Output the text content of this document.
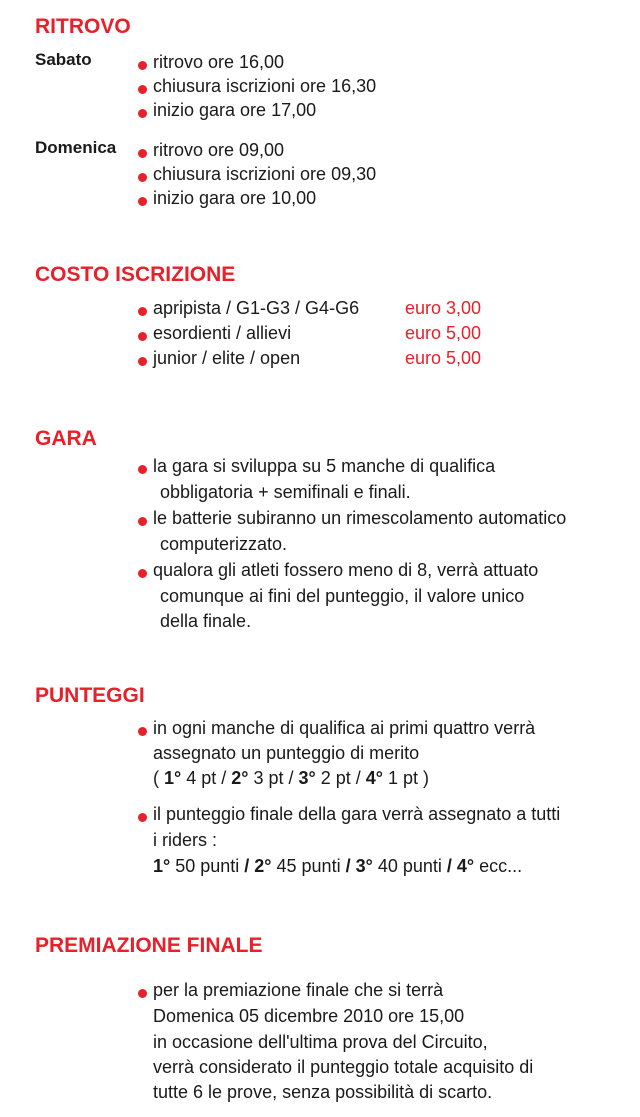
RITROVO
Sabato	ritrovo ore 16,00
chiusura iscrizioni ore 16,30
inizio gara ore 17,00
Domenica ritrovo ore 09,00
chiusura iscrizioni ore 09,30
inizio gara ore 10,00
COSTO ISCRIZIONE
apripista / G1-G3 / G4-G6	euro 3,00
esordienti / allievi	euro 5,00
junior / elite / open	euro 5,00
GARA
la gara si sviluppa su 5 manche di qualifica
obbligatoria + semifinali e finali.
le batterie subiranno un rimescolamento automatico
computerizzato.
qualora gli atleti fossero meno di 8, verrà attuato
comunque ai fini del punteggio, il valore unico
della finale.
PUNTEGGI
in ogni manche di qualifica ai primi quattro verrà
assegnato un punteggio di merito
( 1° 4 pt / 2° 3 pt / 3° 2 pt / 4° 1 pt )
il punteggio finale della gara verrà assegnato a tutti
i riders :
1° 50 punti / 2° 45 punti / 3° 40 punti / 4° ecc...
PREMIAZIONE FINALE
per la premiazione finale che si terrà
Domenica 05 dicembre 2010 ore 15,00
in occasione dell'ultima prova del Circuito,
verrà considerato il punteggio totale acquisito di
tutte 6 le prove, senza possibilità di scarto.
